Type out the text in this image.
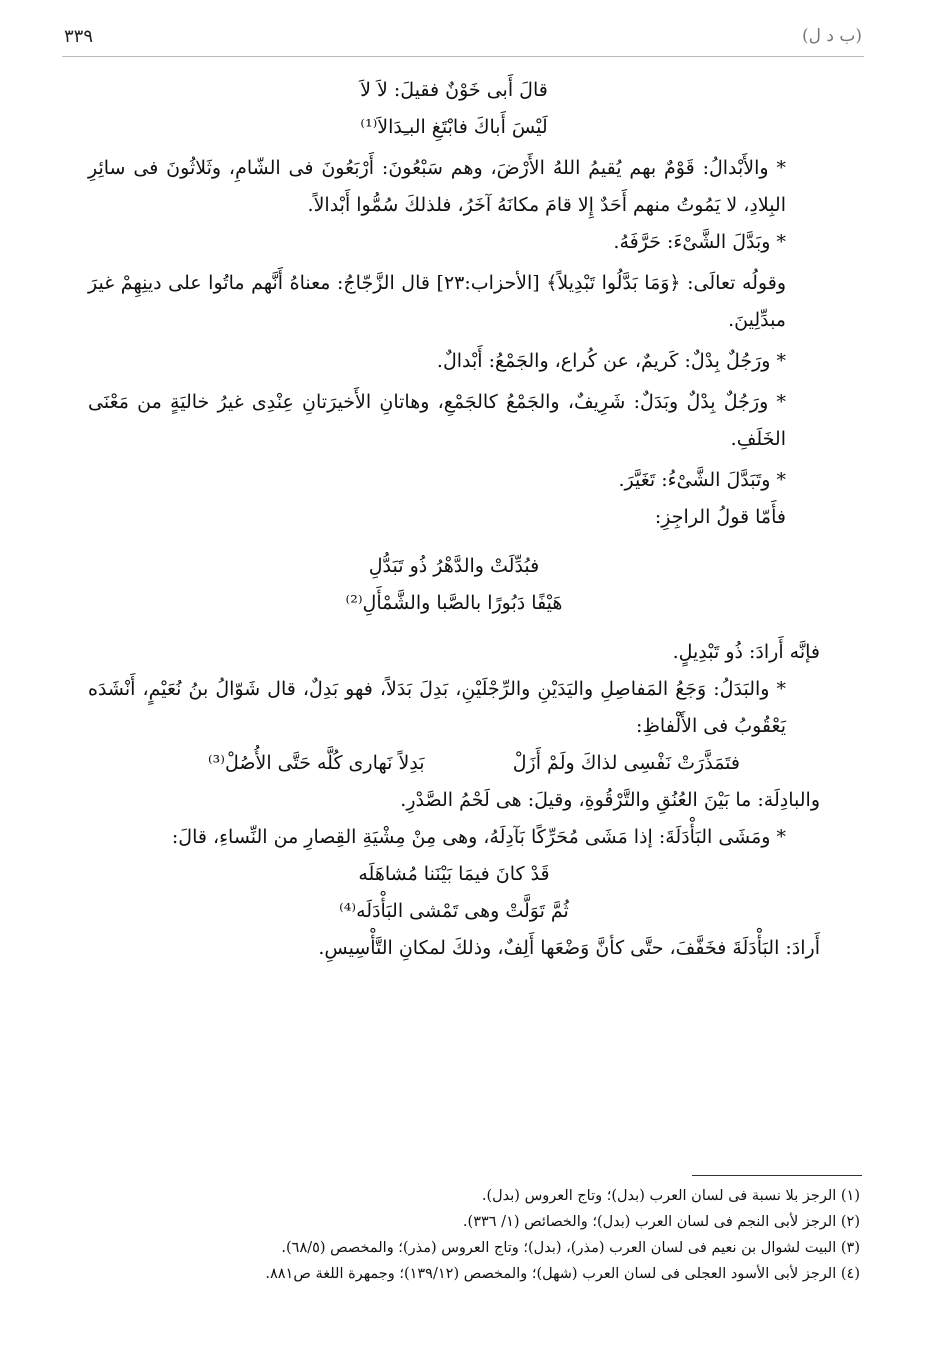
٣٣٩	(ب د ل)

قالَ أَبى خَوْنٌ فقيلَ: لاَ لاَ

لَيْسَ أَباكَ فابْتَغِ البـِدَالاَ⁽¹⁾

* والأَبْدالُ: قَوْمٌ بهم يُقيمُ اللهُ الأَرْضَ، وهم سَبْعُونَ: أَرْبَعُونَ فى الشّامِ، وثَلاثُونَ فى سائِرِ البِلادِ، لا يَمُوتُ منهم أَحَدٌ إِلا قامَ مكانَهُ آخَرُ، فلذلكَ سُمُّوا أَبْدالاً.

* وبَدَّلَ الشَّىْءَ: حَرَّفَهُ.

وقولُه تعالَى: ﴿وَمَا بَدَّلُوا تَبْدِيلاً﴾ [الأحزاب:٢٣] قال الزَّجّاجُ: معناهُ أَنَّهم ماتُوا على دينِهِمْ غيرَ مبدِّلِينَ.

* ورَجُلٌ بِدْلٌ: كَريمٌ، عن كُراع، والجَمْعُ: أَبْدالٌ.

* ورَجُلٌ بِدْلٌ وبَدَلٌ: شَرِيفٌ، والجَمْعُ كالجَمْعِ، وهاتانِ الأَخيرَتانِ عِنْدِى غيرُ خاليَةٍ من مَعْنَى الخَلَفِ.

* وتَبَدَّلَ الشَّىْءُ: تَغَيَّرَ.

فأَمّا قولُ الراجِزِ:

فبُدِّلَتْ والدَّهْرُ ذُو تَبَدُّلِ

هَيْفًا دَبُورًا بالصَّبا والشَّمْأَلِ⁽²⁾

فإنَّه أَرادَ: ذُو تَبْدِيلٍ.

* والبَدَلُ: وَجَعُ المَفاصِلِ واليَدَيْنِ والرِّجْلَيْنِ، بَدِلَ بَدَلاً، فهو بَدِلٌ، قال شَوّالُ بنُ نُعَيْمٍ، أَنْشَدَه يَعْقُوبُ فى الأَلْفاظِ:

فتَمَذَّرَتْ نَفْسِى لذاكَ ولَمْ أَزَلْ
بَدِلاً نَهارى كُلَّه حَتَّى الأُصُلْ⁽³⁾

والبادِلَة: ما بَيْنَ العُنُقِ والتَّرْقُوةِ، وقيلَ: هى لَحْمُ الصَّدْرِ.

* ومَشَى البَأْدَلَةَ: إذا مَشَى مُحَرِّكًا بَآدِلَهُ، وهى مِنْ مِشْيَةِ القِصارِ من النِّساءِ، قالَ:

قَدْ كانَ فيمَا بَيْنَنا مُشاهَلَه

ثُمَّ تَوَلَّتْ وهى تَمْشى البَأْدَلَه⁽⁴⁾

أَرادَ: البَأْدَلَةَ فخَفَّفَ، حتَّى كأنَّ وَضْعَها أَلِفٌ، وذلكَ لمكانِ التَّأْسِيسِ.

(١) الرجز بلا نسبة فى لسان العرب (بدل)؛ وتاج العروس (بدل).

(٢) الرجز لأبى النجم فى لسان العرب (بدل)؛ والخصائص (١/ ٣٣٦).

(٣) البيت لشوال بن نعيم فى لسان العرب (مذر)، (بدل)؛ وتاج العروس (مذر)؛ والمخصص (٦٨/٥).

(٤) الرجز لأبى الأسود العجلى فى لسان العرب (شهل)؛ والمخصص (١٣٩/١٢)؛ وجمهرة اللغة ص٨٨١.
